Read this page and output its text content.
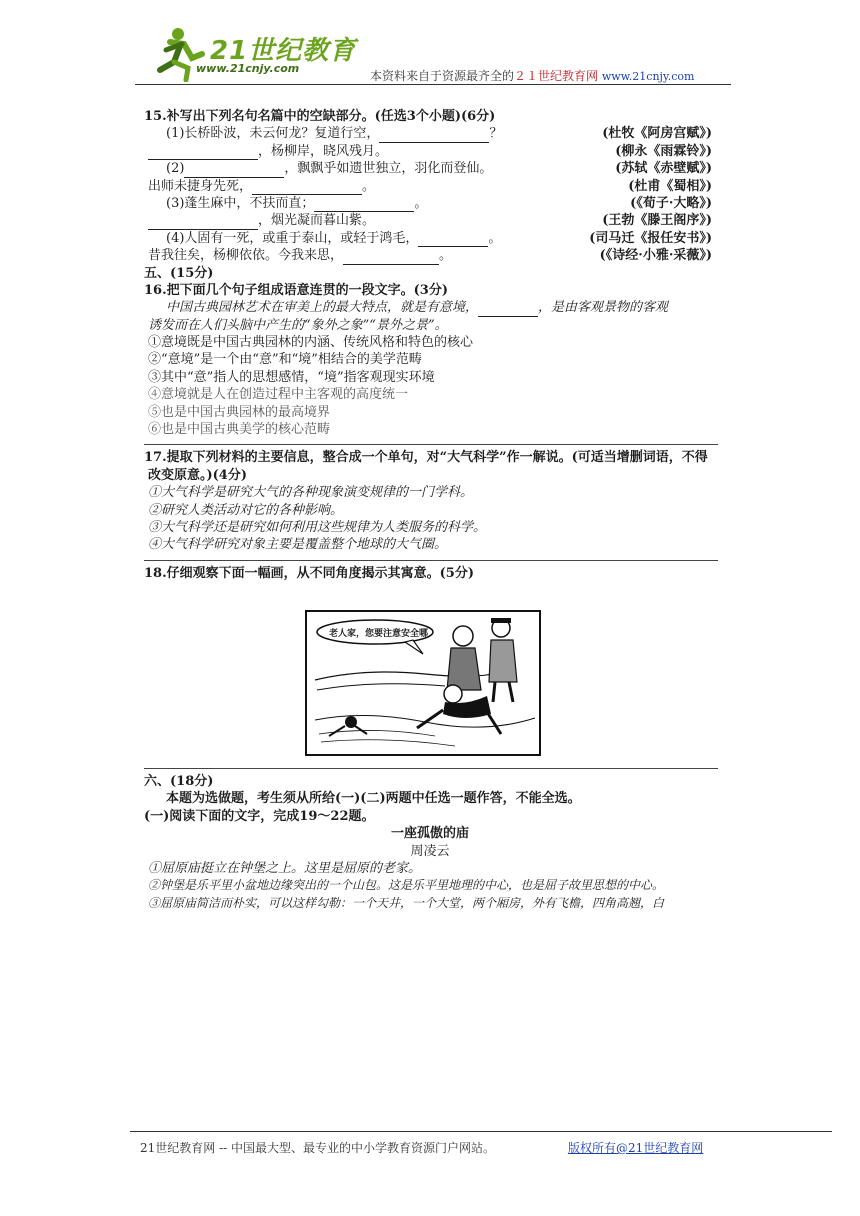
21世纪教育
www.21cnjy.com
本资料来自于资源最齐全的２１世纪教育网 www.21cnjy.com
15.补写出下列名句名篇中的空缺部分。(任选3个小题)(6分)
(1)长桥卧波，未云何龙？复道行空，	？	(杜牧《阿房宫赋》)
，杨柳岸，晓风残月。	(柳永《雨霖铃》)
(2)	，飘飘乎如遗世独立，羽化而登仙。	(苏轼《赤壁赋》)
出师未捷身先死，	。	(杜甫《蜀相》)
(3)蓬生麻中，不扶而直；	。	(《荀子·大略》)
，烟光凝而暮山紫。	(王勃《滕王阁序》)
(4)人固有一死，或重于泰山，或轻于鸿毛，	。	(司马迁《报任安书》)
昔我往矣，杨柳依依。今我来思，	。	(《诗经·小雅·采薇》)
五、(15分)
16.把下面几个句子组成语意连贯的一段文字。(3分)
中国古典园林艺术在审美上的最大特点，就是有意境，	，是由客观景物的客观
诱发而在人们头脑中产生的“象外之象”“景外之景”。
①意境既是中国古典园林的内涵、传统风格和特色的核心
②“意境”是一个由“意”和“境”相结合的美学范畴
③其中“意”指人的思想感情，“境”指客观现实环境
④意境就是人在创造过程中主客观的高度统一
⑤也是中国古典园林的最高境界
⑥也是中国古典美学的核心范畴
17.提取下列材料的主要信息，整合成一个单句，对“大气科学”作一解说。(可适当增删词语，不得
改变原意。)(4分)
①大气科学是研究大气的各种现象演变规律的一门学科。
②研究人类活动对它的各种影响。
③大气科学还是研究如何利用这些规律为人类服务的科学。
④大气科学研究对象主要是覆盖整个地球的大气圈。
18.仔细观察下面一幅画，从不同角度揭示其寓意。(5分)
老人家，您要注意安全哪
六、(18分)
本题为选做题，考生须从所给(一)(二)两题中任选一题作答，不能全选。
(一)阅读下面的文字，完成19～22题。
一座孤傲的庙
周凌云
①屈原庙挺立在钟堡之上。这里是屈原的老家。
②钟堡是乐平里小盆地边缘突出的一个山包。这是乐平里地理的中心，也是屈子故里思想的中心。
③屈原庙简洁而朴实，可以这样勾勒：一个天井，一个大堂，两个厢房，外有飞檐，四角高翘，白
21世纪教育网 -- 中国最大型、最专业的中小学教育资源门户网站。	版权所有@21世纪教育网
